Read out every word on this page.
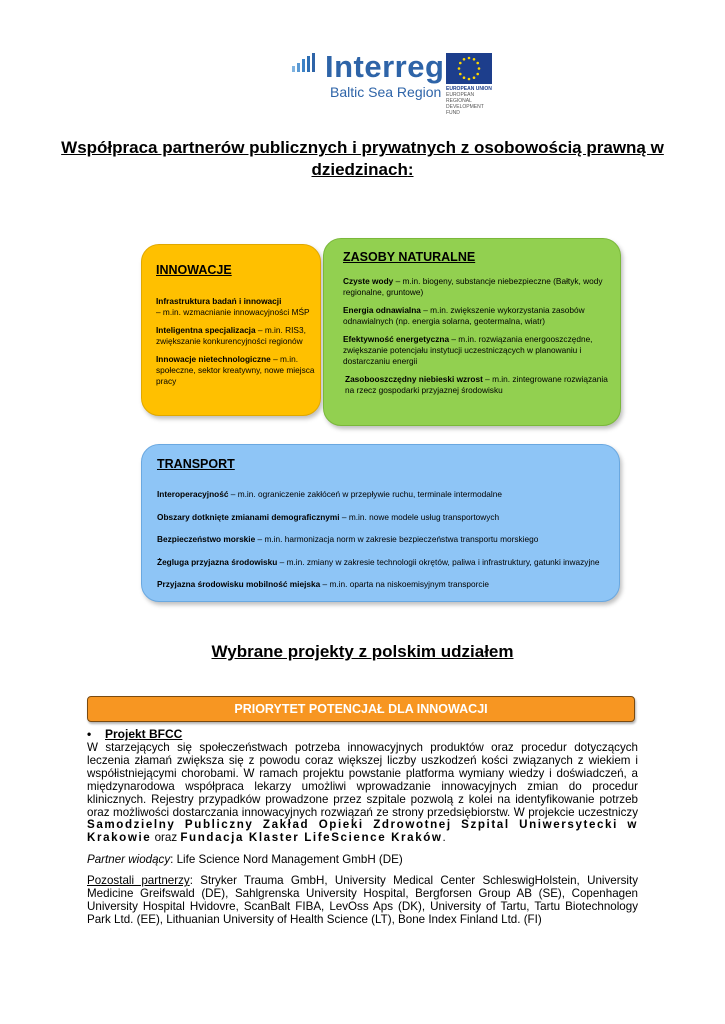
Interreg
Baltic Sea Region EUROPEAN UNION
EUROPEAN
REGIONAL
DEVELOPMENT
FUND
Współpraca partnerów publicznych i prywatnych z osobowością prawną w dziedzinach:
INNOWACJE

Infrastruktura badań i innowacji
– m.in. wzmacnianie innowacyjności MŚP

Inteligentna specjalizacja – m.in. RIS3, zwiększanie konkurencyjności regionów

Innowacje nietechnologiczne – m.in. społeczne, sektor kreatywny, nowe miejsca pracy

ZASOBY NATURALNE

Czyste wody – m.in. biogeny, substancje niebezpieczne (Bałtyk, wody regionalne, gruntowe)

Energia odnawialna – m.in. zwiększenie wykorzystania zasobów odnawialnych (np. energia solarna, geotermalna, wiatr)

Efektywność energetyczna – m.in. rozwiązania energooszczędne, zwiększanie potencjału instytucji uczestniczących w planowaniu i dostarczaniu energii

Zasobooszczędny niebieski wzrost – m.in. zintegrowane rozwiązania na rzecz gospodarki przyjaznej środowisku

TRANSPORT

Interoperacyjność – m.in. ograniczenie zakłóceń w przepływie ruchu, terminale intermodalne

Obszary dotknięte zmianami demograficznymi – m.in. nowe modele usług transportowych

Bezpieczeństwo morskie – m.in. harmonizacja norm w zakresie bezpieczeństwa transportu morskiego

Żegluga przyjazna środowisku – m.in. zmiany w zakresie technologii okrętów, paliwa i infrastruktury, gatunki inwazyjne

Przyjazna środowisku mobilność miejska – m.in. oparta na niskoemisyjnym transporcie

Wybrane projekty z polskim udziałem
PRIORYTET POTENCJAŁ DLA INNOWACJI
• Projekt BFCC
W starzejących się społeczeństwach potrzeba innowacyjnych produktów oraz procedur dotyczących leczenia złamań zwiększa się z powodu coraz większej liczby uszkodzeń kości związanych z wiekiem i współistniejącymi chorobami. W ramach projektu powstanie platforma wymiany wiedzy i doświadczeń, a międzynarodowa współpraca lekarzy umożliwi wprowadzanie innowacyjnych zmian do procedur klinicznych. Rejestry przypadków prowadzone przez szpitale pozwolą z kolei na identyfikowanie potrzeb oraz możliwości dostarczania innowacyjnych rozwiązań ze strony przedsiębiorstw. W projekcie uczestniczy Samodzielny Publiczny Zakład Opieki Zdrowotnej Szpital Uniwersytecki w Krakowie oraz Fundacja Klaster LifeScience Kraków.
Partner wiodący: Life Science Nord Management GmbH (DE)
Pozostali partnerzy: Stryker Trauma GmbH, University Medical Center SchleswigHolstein, University Medicine Greifswald (DE), Sahlgrenska University Hospital, Bergforsen Group AB (SE), Copenhagen University Hospital Hvidovre, ScanBalt FIBA, LevOss Aps (DK), University of Tartu, Tartu Biotechnology Park Ltd. (EE), Lithuanian University of Health Science (LT), Bone Index Finland Ltd. (FI)
